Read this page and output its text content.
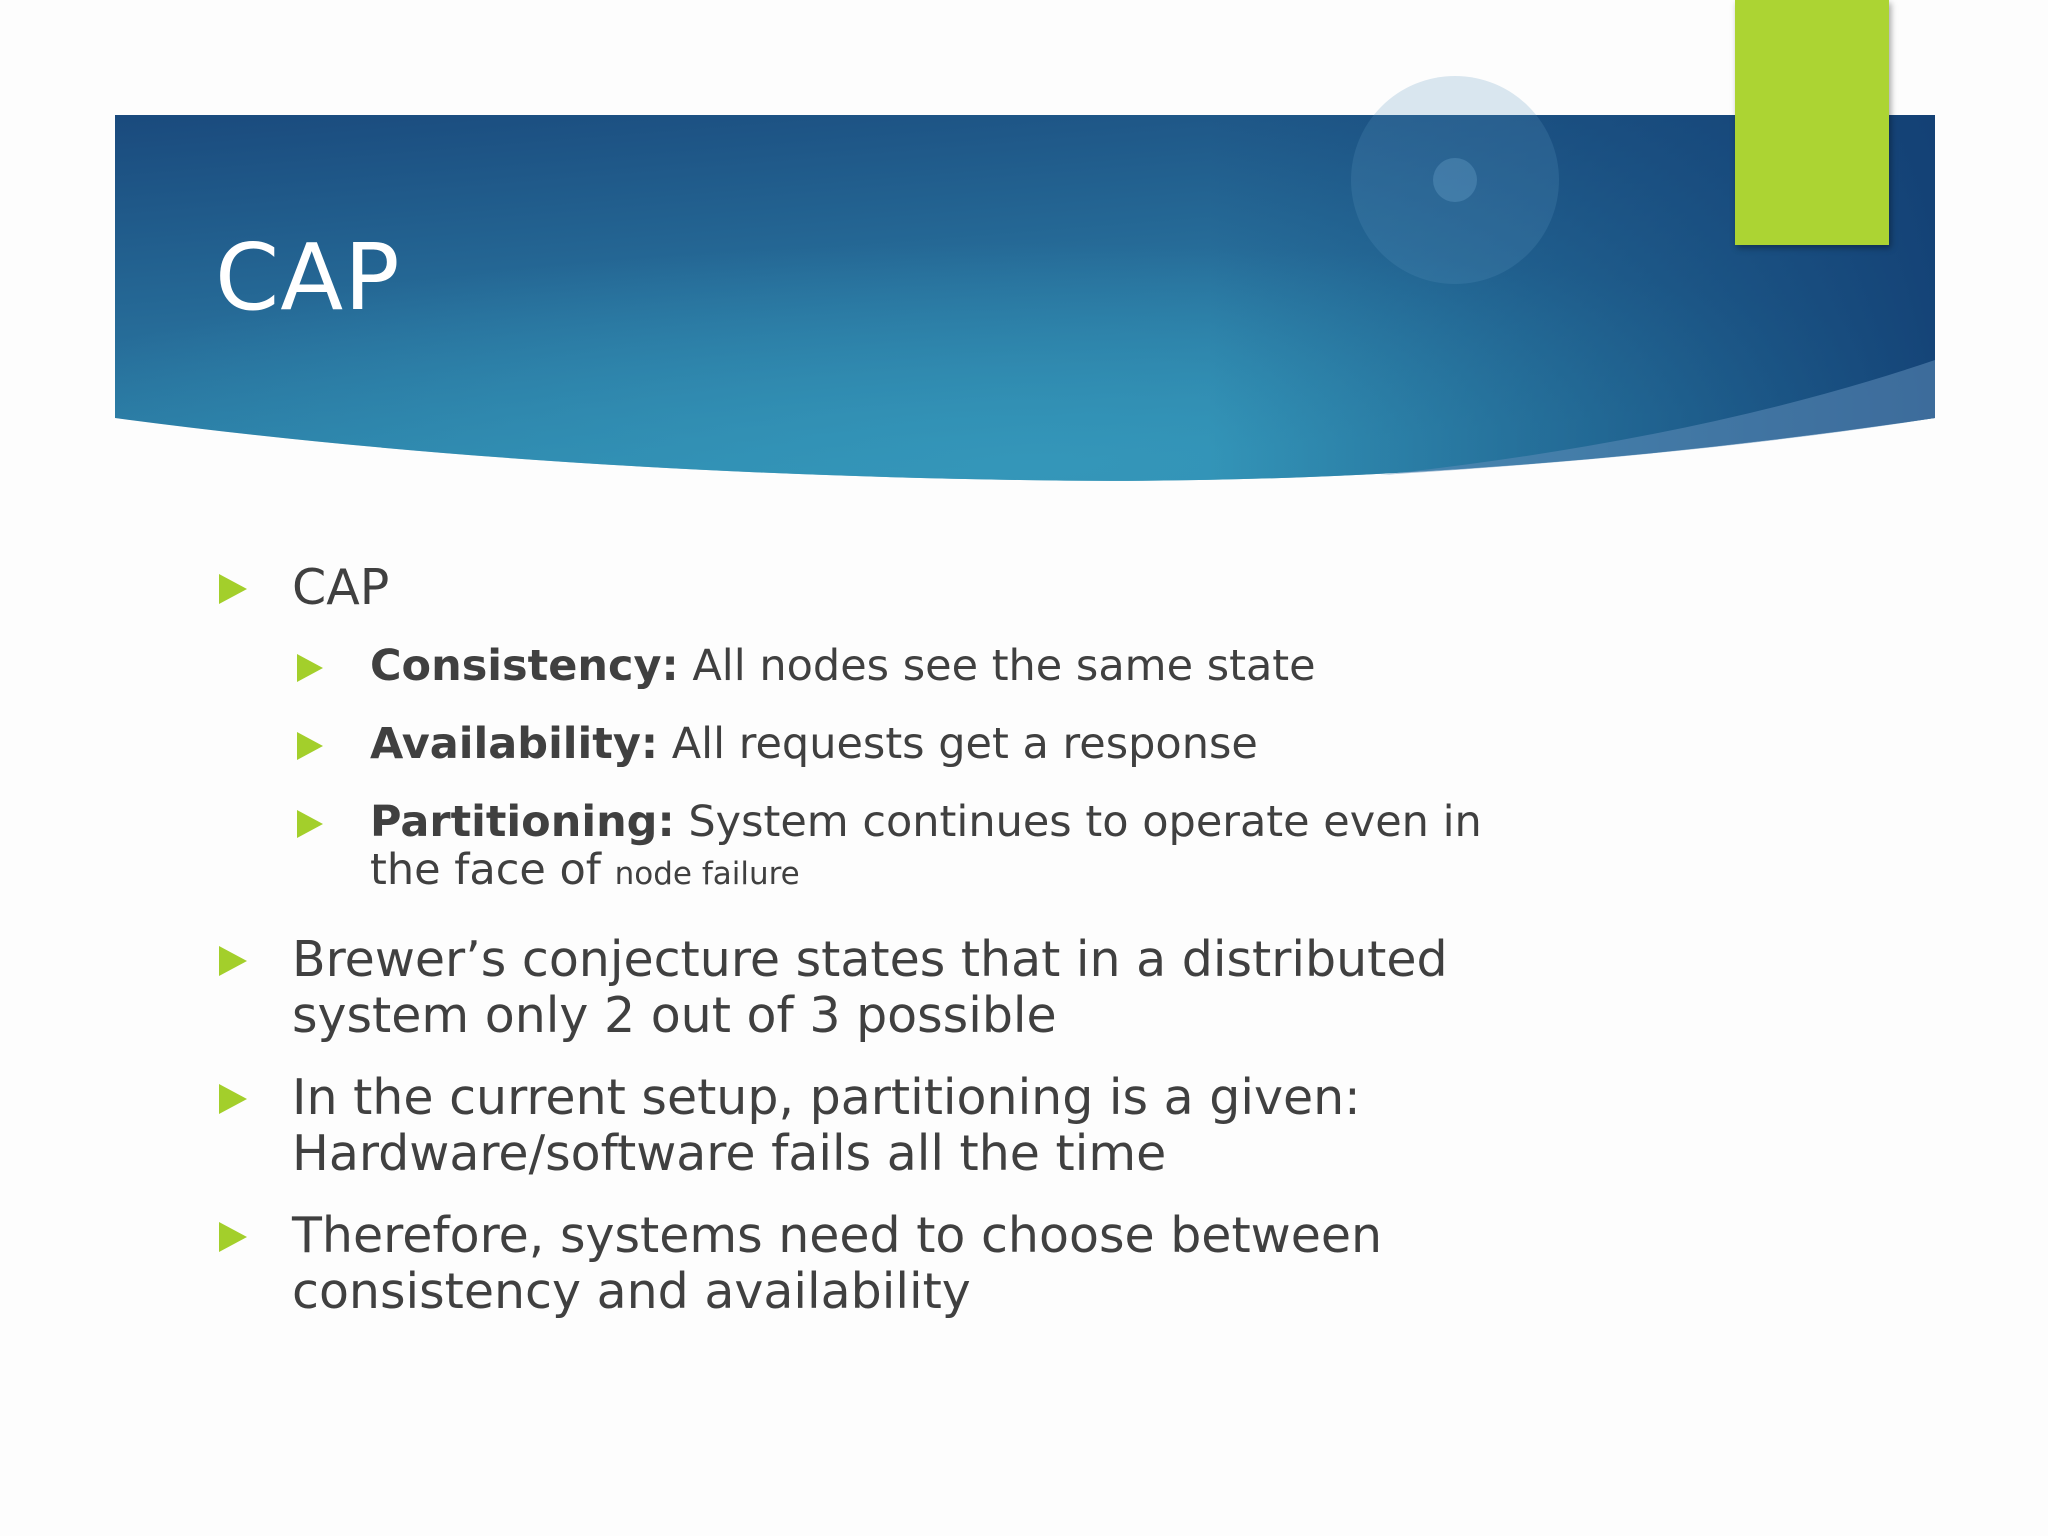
CAP
CAP
Consistency: All nodes see the same state
Availability: All requests get a response
Partitioning: System continues to operate even in the face of node failure
Brewer’s conjecture states that in a distributed system only 2 out of 3 possible
In the current setup, partitioning is a given: Hardware/software fails all the time
Therefore, systems need to choose between consistency and availability
